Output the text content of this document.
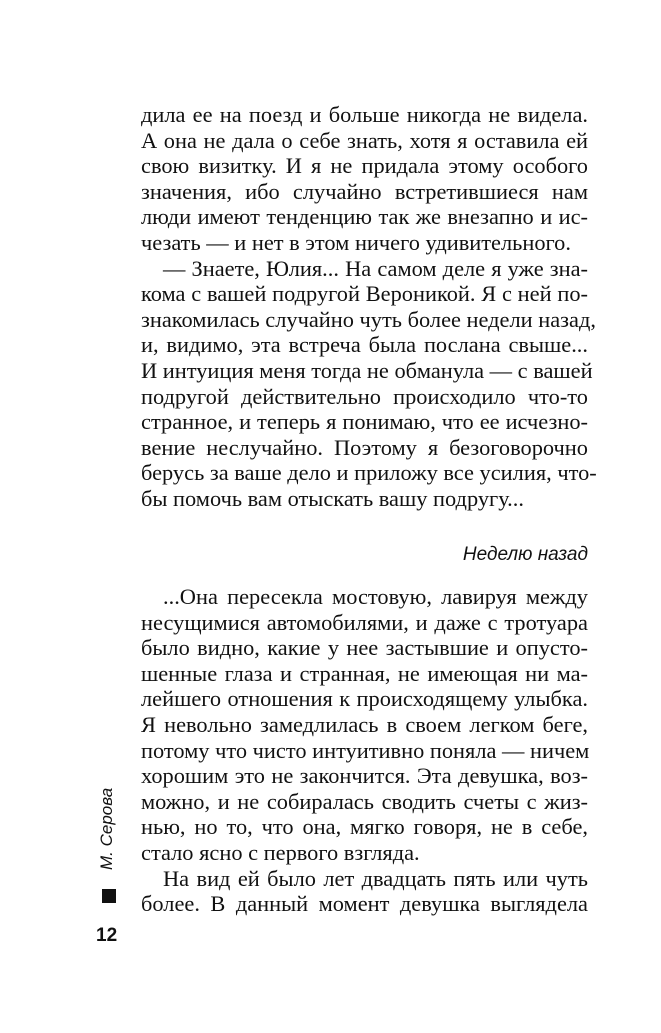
дила ее на поезд и больше никогда не видела.
А она не дала о себе знать, хотя я оставила ей
свою визитку. И я не придала этому особого
значения, ибо случайно встретившиеся нам
люди имеют тенденцию так же внезапно и ис-
чезать — и нет в этом ничего удивительного.
— Знаете, Юлия... На самом деле я уже зна-
кома с вашей подругой Вероникой. Я с ней по-
знакомилась случайно чуть более недели назад,
и, видимо, эта встреча была послана свыше...
И интуиция меня тогда не обманула — с вашей
подругой действительно происходило что-то
странное, и теперь я понимаю, что ее исчезно-
вение неслучайно. Поэтому я безоговорочно
берусь за ваше дело и приложу все усилия, что-
бы помочь вам отыскать вашу подругу...
Неделю назад
...Она пересекла мостовую, лавируя между
несущимися автомобилями, и даже с тротуара
было видно, какие у нее застывшие и опусто-
шенные глаза и странная, не имеющая ни ма-
лейшего отношения к происходящему улыбка.
Я невольно замедлилась в своем легком беге,
потому что чисто интуитивно поняла — ничем
хорошим это не закончится. Эта девушка, воз-
можно, и не собиралась сводить счеты с жиз-
нью, но то, что она, мягко говоря, не в себе,
стало ясно с первого взгляда.
На вид ей было лет двадцать пять или чуть
более. В данный момент девушка выглядела
М. Серова
12
